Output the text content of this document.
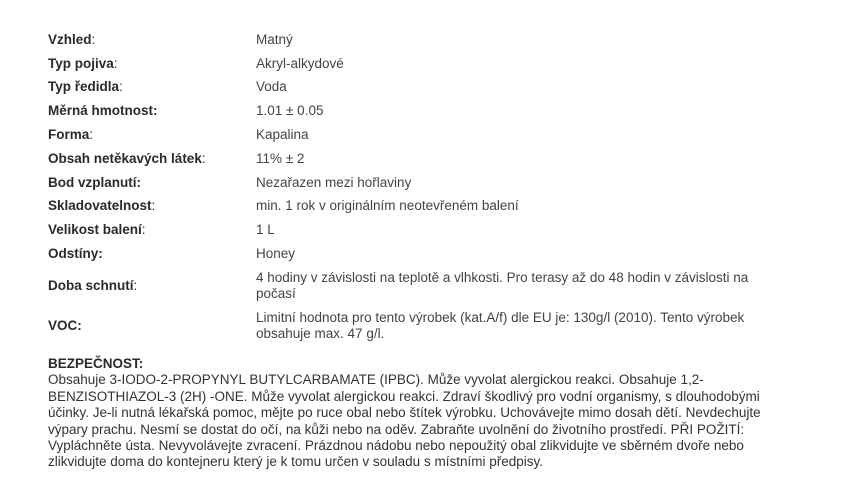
Vzhled:	Matný
Typ pojiva:	Akryl-alkydové
Typ ředidla:	Voda
Měrná hmotnost:	1.01 ± 0.05
Forma:	Kapalina
Obsah netěkavých látek:	11% ± 2
Bod vzplanutí:	Nezařazen mezi hořlaviny
Skladovatelnost:	min. 1 rok v originálním neotevřeném balení
Velikost balení:	1 L
Odstíny:	Honey
Doba schnutí:	4 hodiny v závislosti na teplotě a vlhkosti. Pro terasy až do 48 hodin v závislosti na počasí
VOC:	Limitní hodnota pro tento výrobek (kat.A/f) dle EU je: 130g/l (2010). Tento výrobek obsahuje max. 47 g/l.
BEZPEČNOST:
Obsahuje 3-IODO-2-PROPYNYL BUTYLCARBAMATE (IPBC). Může vyvolat alergickou reakci. Obsahuje 1,2-BENZISOTHIAZOL-3 (2H) -ONE. Může vyvolat alergickou reakci. Zdraví škodlivý pro vodní organismy, s dlouhodobými účinky. Je-li nutná lékařská pomoc, mějte po ruce obal nebo štítek výrobku. Uchovávejte mimo dosah dětí. Nevdechujte výpary prachu. Nesmí se dostat do očí, na kůži nebo na oděv. Zabraňte uvolnění do životního prostředí. PŘI POŽITÍ: Vypláchněte ústa. Nevyvolávejte zvracení. Prázdnou nádobu nebo nepoužitý obal zlikvidujte ve sběrném dvoře nebo zlikvidujte doma do kontejneru který je k tomu určen v souladu s místními předpisy.
